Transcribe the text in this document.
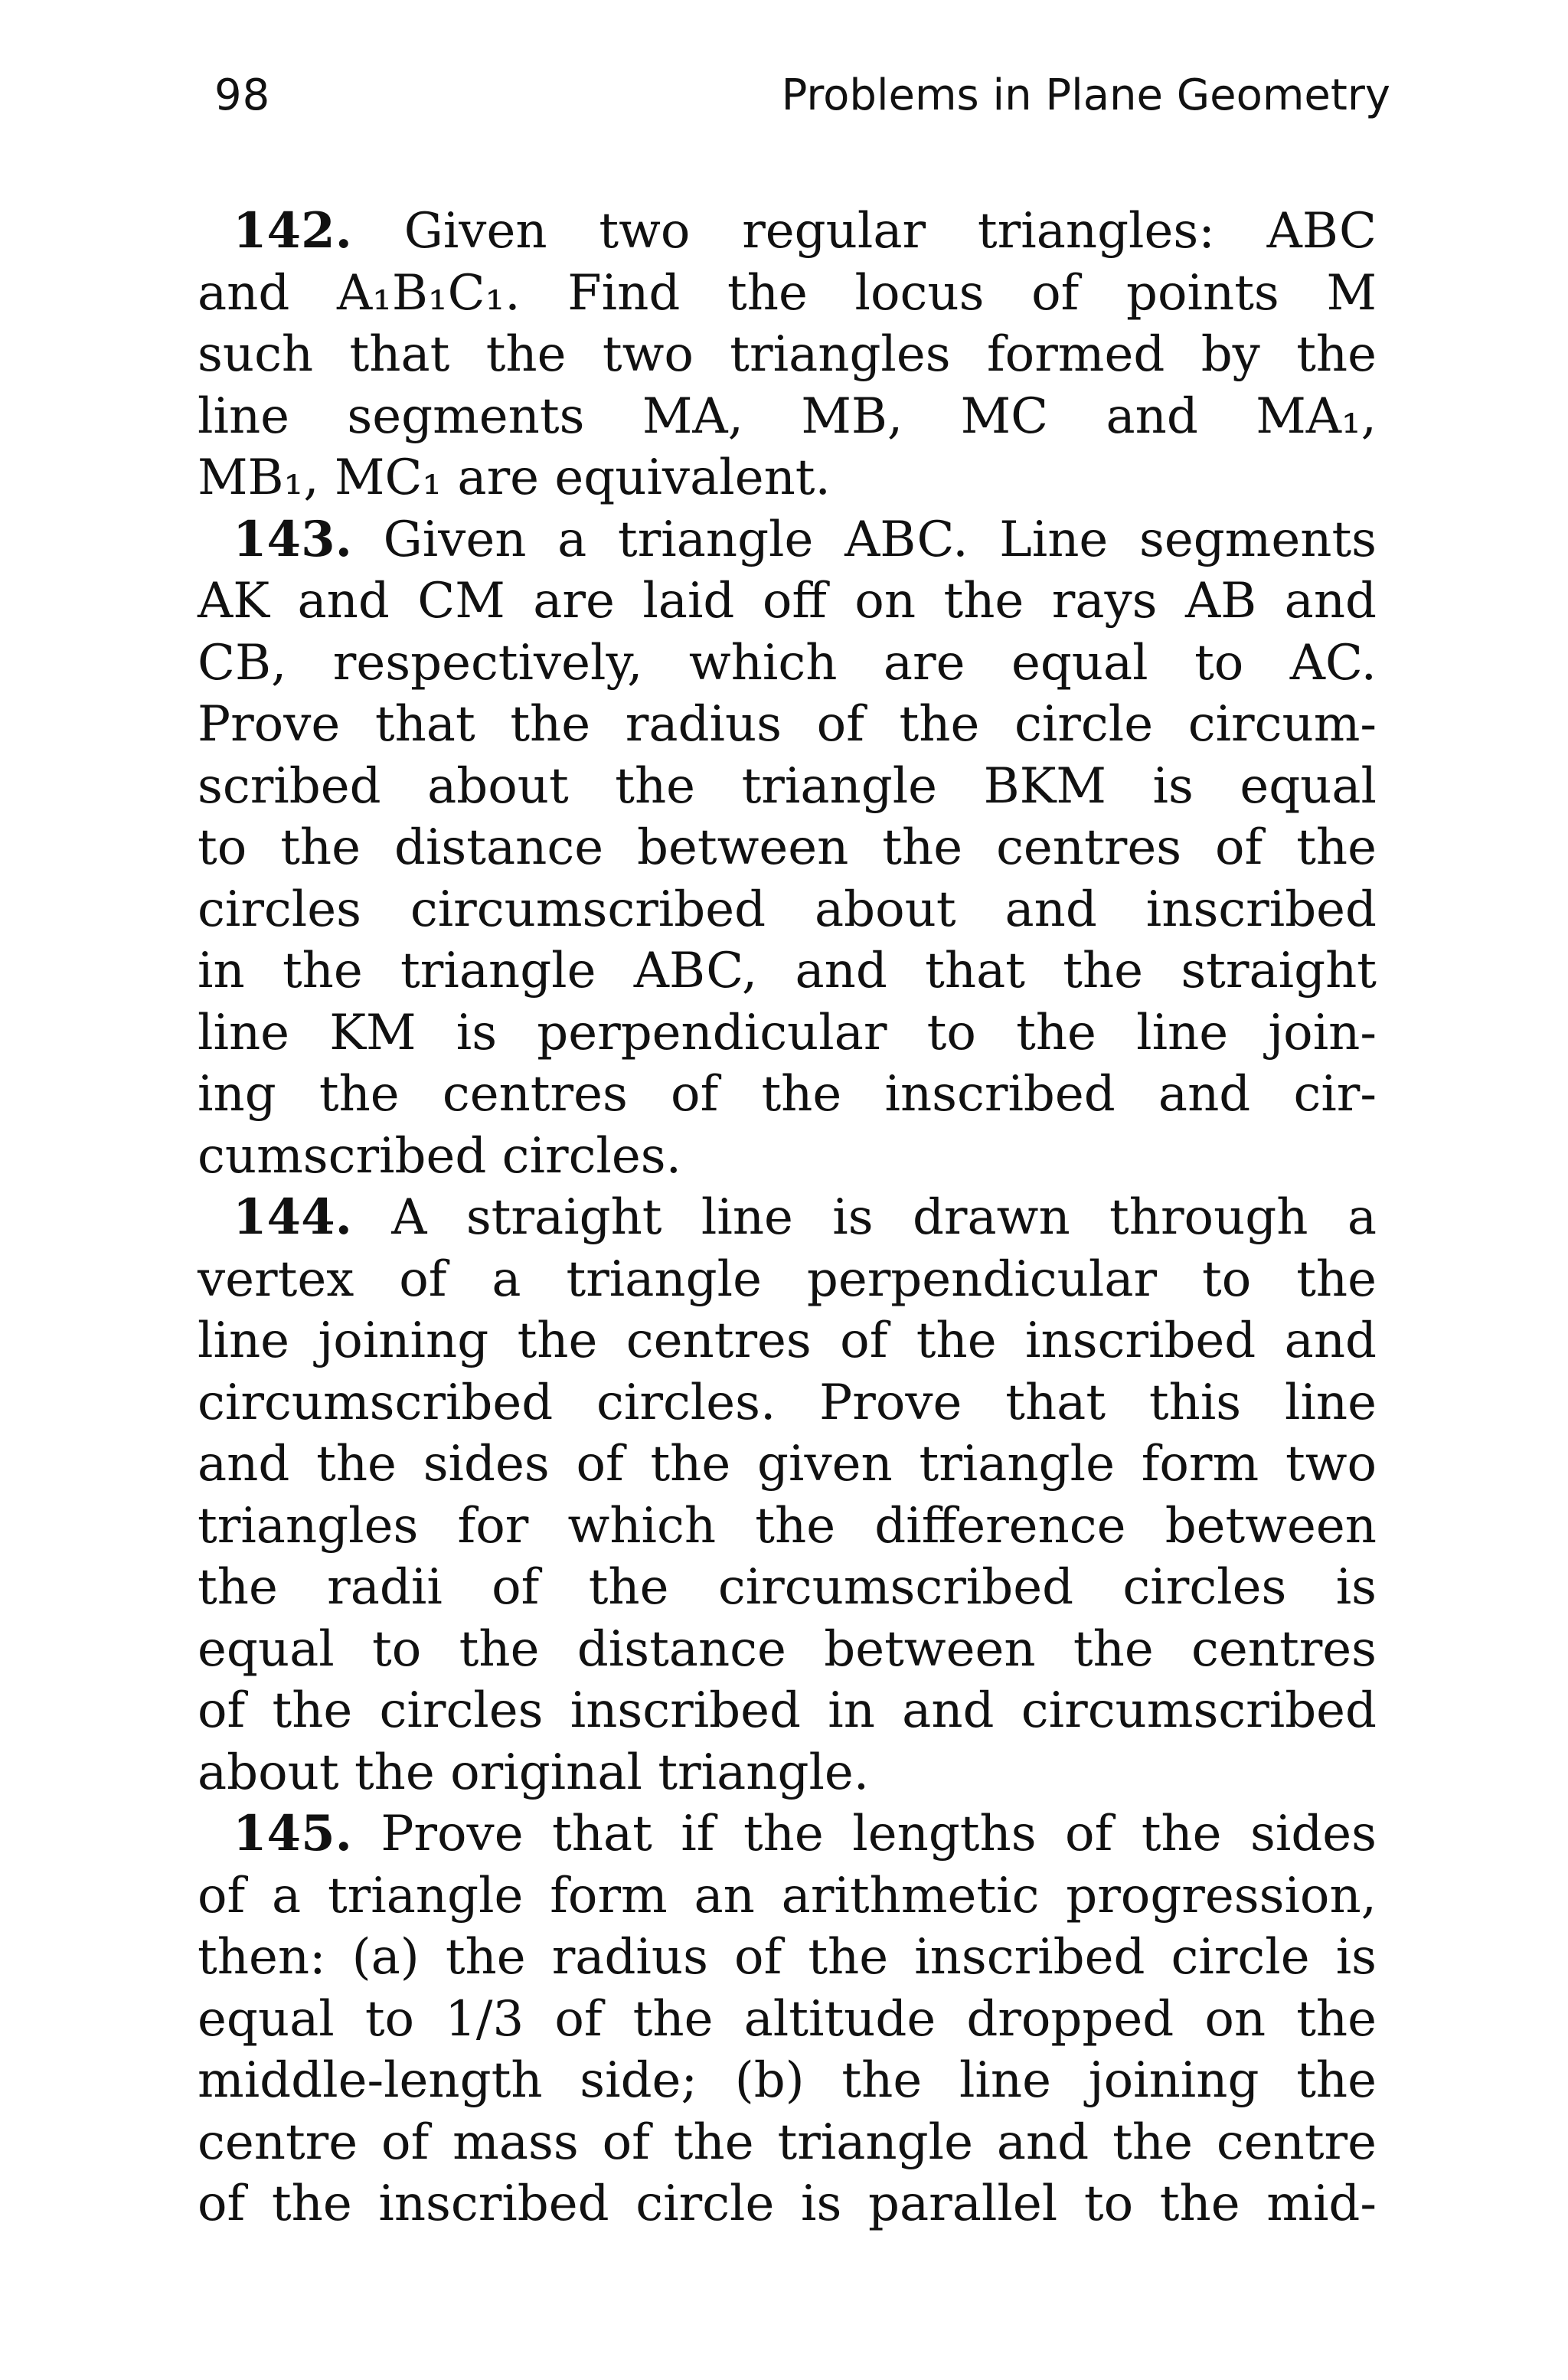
98	Problems in Plane Geometry
142. Given two regular triangles: ABC
and A₁B₁C₁. Find the locus of points M
such that the two triangles formed by the
line segments MA, MB, MC and MA₁,
MB₁, MC₁ are equivalent.
143. Given a triangle ABC. Line segments
AK and CM are laid off on the rays AB and
CB, respectively, which are equal to AC.
Prove that the radius of the circle circum-
scribed about the triangle BKM is equal
to the distance between the centres of the
circles circumscribed about and inscribed
in the triangle ABC, and that the straight
line KM is perpendicular to the line join-
ing the centres of the inscribed and cir-
cumscribed circles.
144. A straight line is drawn through a
vertex of a triangle perpendicular to the
line joining the centres of the inscribed and
circumscribed circles. Prove that this line
and the sides of the given triangle form two
triangles for which the difference between
the radii of the circumscribed circles is
equal to the distance between the centres
of the circles inscribed in and circumscribed
about the original triangle.
145. Prove that if the lengths of the sides
of a triangle form an arithmetic progression,
then: (a) the radius of the inscribed circle is
equal to 1/3 of the altitude dropped on the
middle-length side; (b) the line joining the
centre of mass of the triangle and the centre
of the inscribed circle is parallel to the mid-
